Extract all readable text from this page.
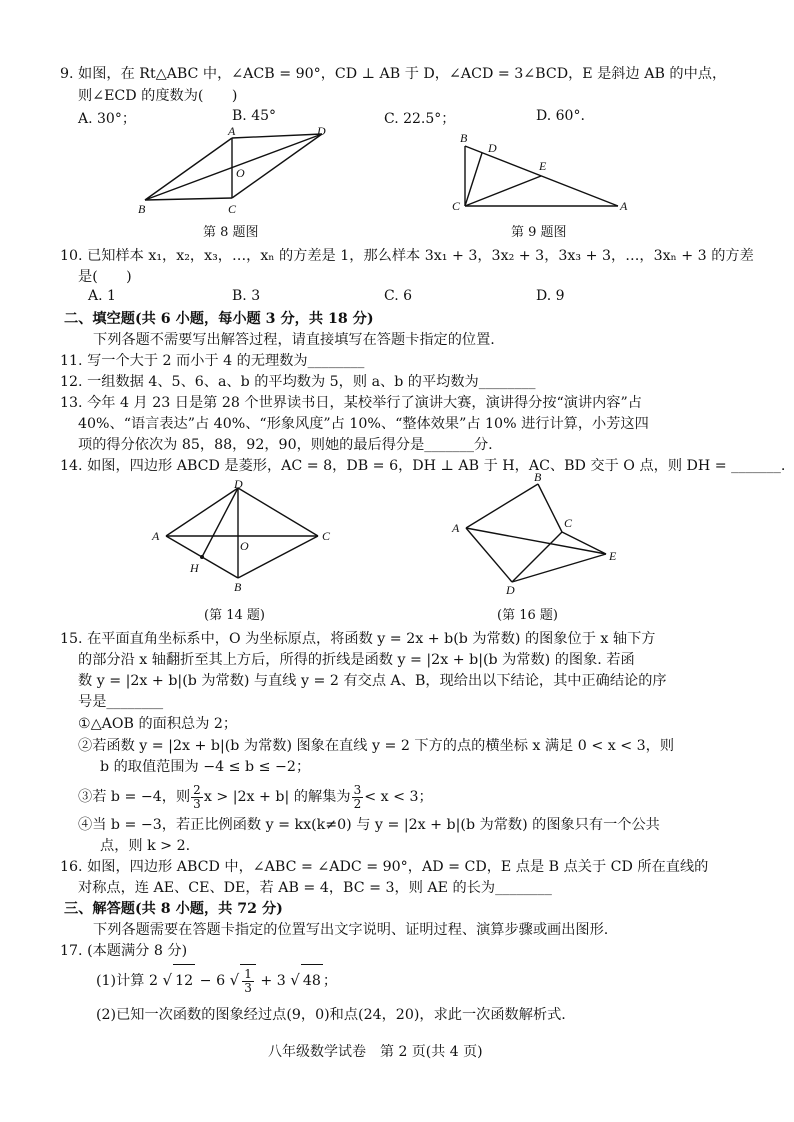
9. 如图，在 Rt△ABC 中，∠ACB = 90°，CD ⊥ AB 于 D，∠ACD = 3∠BCD，E 是斜边 AB 的中点，
则∠ECD 的度数为(　　)
A. 30°；	B. 45°	C. 22.5°；	D. 60°.
A	D
O
B	C
第 8 题图
B
D
E
C	A
第 9 题图
10. 已知样本 x₁，x₂，x₃，…，xₙ 的方差是 1，那么样本 3x₁ + 3，3x₂ + 3，3x₃ + 3，…，3xₙ + 3 的方差
是(　　)
A. 1	B. 3	C. 6	D. 9
二、填空题(共 6 小题，每小题 3 分，共 18 分)
下列各题不需要写出解答过程，请直接填写在答题卡指定的位置.
11. 写一个大于 2 而小于 4 的无理数为________
12. 一组数据 4、5、6、a、b 的平均数为 5，则 a、b 的平均数为________
13. 今年 4 月 23 日是第 28 个世界读书日，某校举行了演讲大赛，演讲得分按“演讲内容”占
40%、“语言表达”占 40%、“形象风度”占 10%、“整体效果”占 10% 进行计算，小芳这四
项的得分依次为 85，88，92，90，则她的最后得分是_______分.
14. 如图，四边形 ABCD 是菱形，AC = 8，DB = 6，DH ⊥ AB 于 H，AC、BD 交于 O 点，则 DH = _______.
D
A
O
C
H
B
(第 14 题)
B
A	C
E
D
(第 16 题)
15. 在平面直角坐标系中，O 为坐标原点，将函数 y = 2x + b(b 为常数) 的图象位于 x 轴下方
的部分沿 x 轴翻折至其上方后，所得的折线是函数 y = |2x + b|(b 为常数) 的图象. 若函
数 y = |2x + b|(b 为常数) 与直线 y = 2 有交点 A、B，现给出以下结论，其中正确结论的序
号是________
①△AOB 的面积总为 2；
②若函数 y = |2x + b|(b 为常数) 图象在直线 y = 2 下方的点的横坐标 x 满足 0 < x < 3，则
b 的取值范围为 −4 ≤ b ≤ −2；
③若 b = −4，则 $\frac{2}{3}$ x > |2x + b| 的解集为 $\frac{3}{2} < x < 3$；
④当 b = −3，若正比例函数 y = kx(k≠0) 与 y = |2x + b|(b 为常数) 的图象只有一个公共
点，则 k > 2.
16. 如图，四边形 ABCD 中，∠ABC = ∠ADC = 90°，AD = CD，E 点是 B 点关于 CD 所在直线的
对称点，连 AE、CE、DE，若 AB = 4，BC = 3，则 AE 的长为________
三、解答题(共 8 小题，共 72 分)
下列各题需要在答题卡指定的位置写出文字说明、证明过程、演算步骤或画出图形.
17. (本题满分 8 分)
(1)计算 2 √ 12 − 6 √ $\frac{1}{3} + 3$ √ 48 ；
(2)已知一次函数的图象经过点(9，0)和点(24，20)，求此一次函数解析式.
八年级数学试卷　第 2 页(共 4 页)
